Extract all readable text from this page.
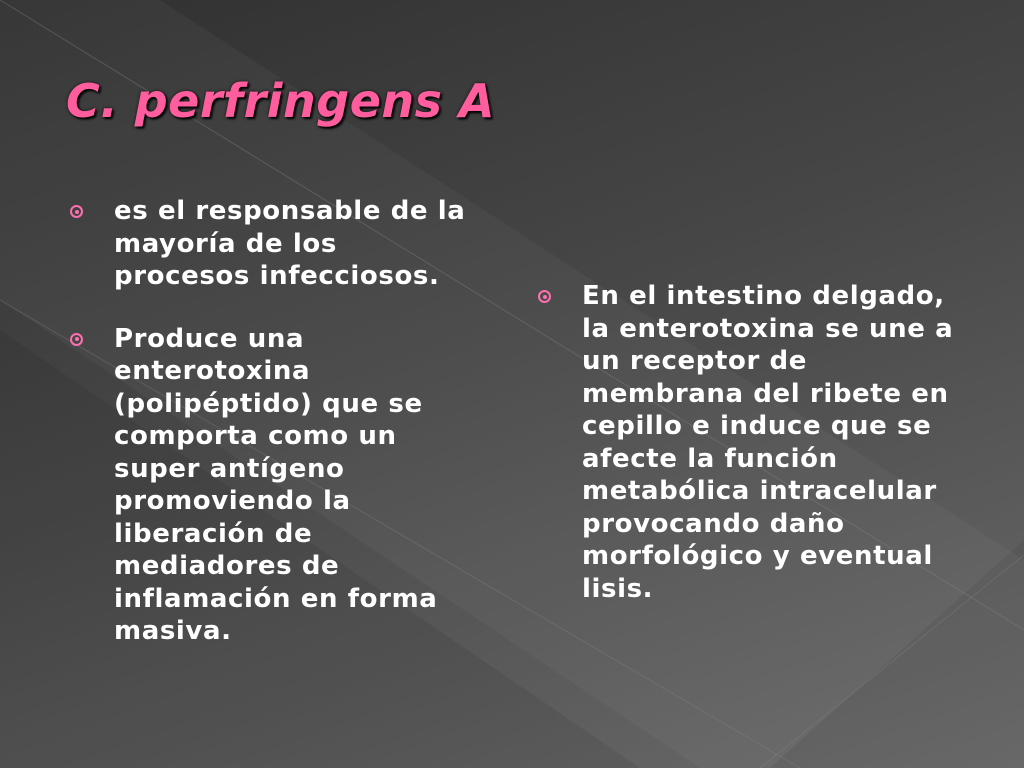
C. perfringens A
es el responsable de la mayoría de los procesos infecciosos.
Produce una enterotoxina (polipéptido) que se comporta como un super antígeno promoviendo la liberación de mediadores de inflamación en forma masiva.
En el intestino delgado, la enterotoxina se une a un receptor de membrana del ribete en cepillo e induce que se afecte la función metabólica intracelular provocando daño morfológico y eventual lisis.
